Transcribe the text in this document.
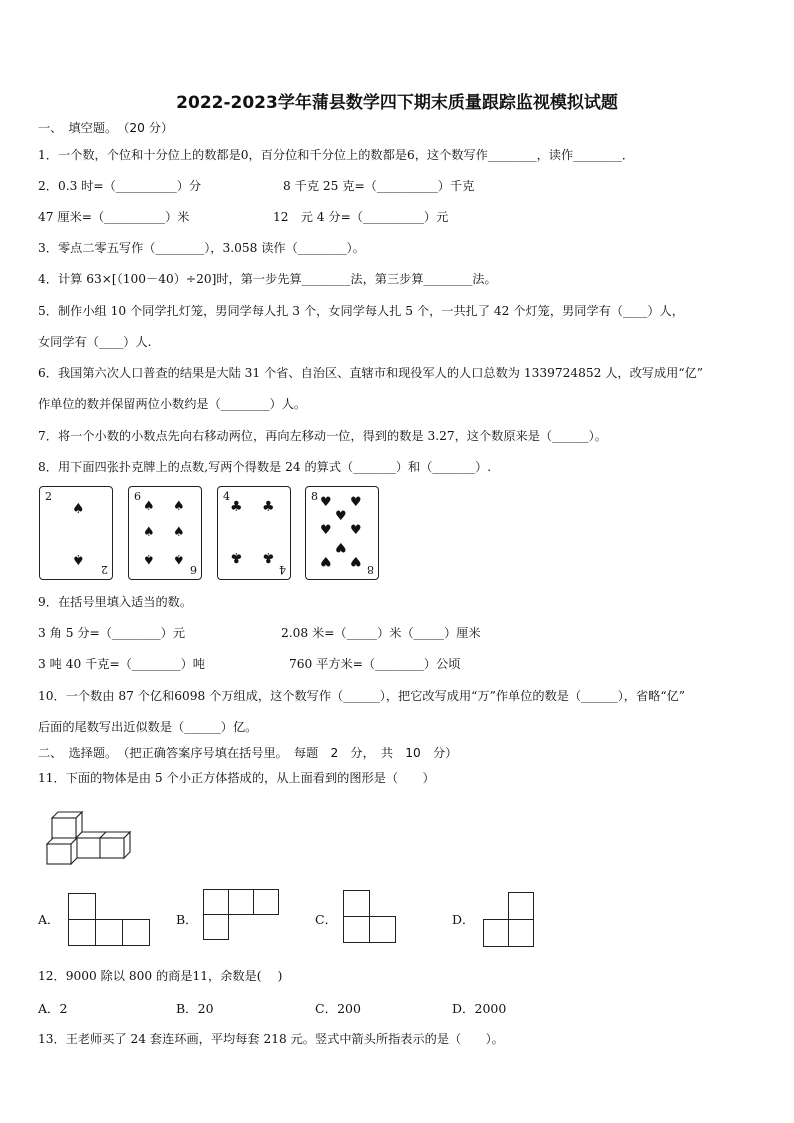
2022-2023学年蒲县数学四下期末质量跟踪监视模拟试题
一、　填空题。　（20 分）
1．一个数，个位和十分位上的数都是0，百分位和千分位上的数都是6，这个数写作________，读作________．
2．0.3 时=（__________）分	8 千克 25 克=（__________）千克
47 厘米=（__________）米	12　元 4 分=（__________）元
3．零点二零五写作（________），3.058 读作（________）。
4．计算 63×[（100－40）÷20]时，第一步先算________法，第三步算________法。
5．制作小组 10 个同学扎灯笼，男同学每人扎 3 个，女同学每人扎 5 个，一共扎了 42 个灯笼，男同学有（____）人，
女同学有（____）人.
6．我国第六次人口普查的结果是大陆 31 个省、自治区、直辖市和现役军人的人口总数为 1339724852 人，改写成用“亿”
作单位的数并保留两位小数约是（________）人。
7．将一个小数的小数点先向右移动两位，再向左移动一位，得到的数是 3.27，这个数原来是（______）。
8．用下面四张扑克牌上的点数,写两个得数是 24 的算式（_______）和（_______）.
2
♠
♠
2
6
♠ ♠
♠ ♠
♠ ♠
6
4
♣ ♣
♣ ♣
4
8 ♥ ♥
♥
♥ ♥
♥
♥ ♥
8
9．在括号里填入适当的数。
3 角 5 分=（________）元	2.08 米=（_____）米（_____）厘米
3 吨 40 千克=（________）吨	760 平方米=（________）公顷
10．一个数由 87 个亿和6098 个万组成，这个数写作（______），把它改写成用“万”作单位的数是（______），省略“亿”
后面的尾数写出近似数是（______）亿。
二、　选择题。　（把正确答案序号填在括号里。　每题　2　分，　共　10　分）
11．下面的物体是由 5 个小正方体搭成的，从上面看到的图形是（　　）
A．	B．	C．	D．
12．9000 除以 800 的商是11，余数是(　 )
A．2	B．20	C．200	D．2000
13．王老师买了 24 套连环画，平均每套 218 元。竖式中箭头所指表示的是（　　）。
